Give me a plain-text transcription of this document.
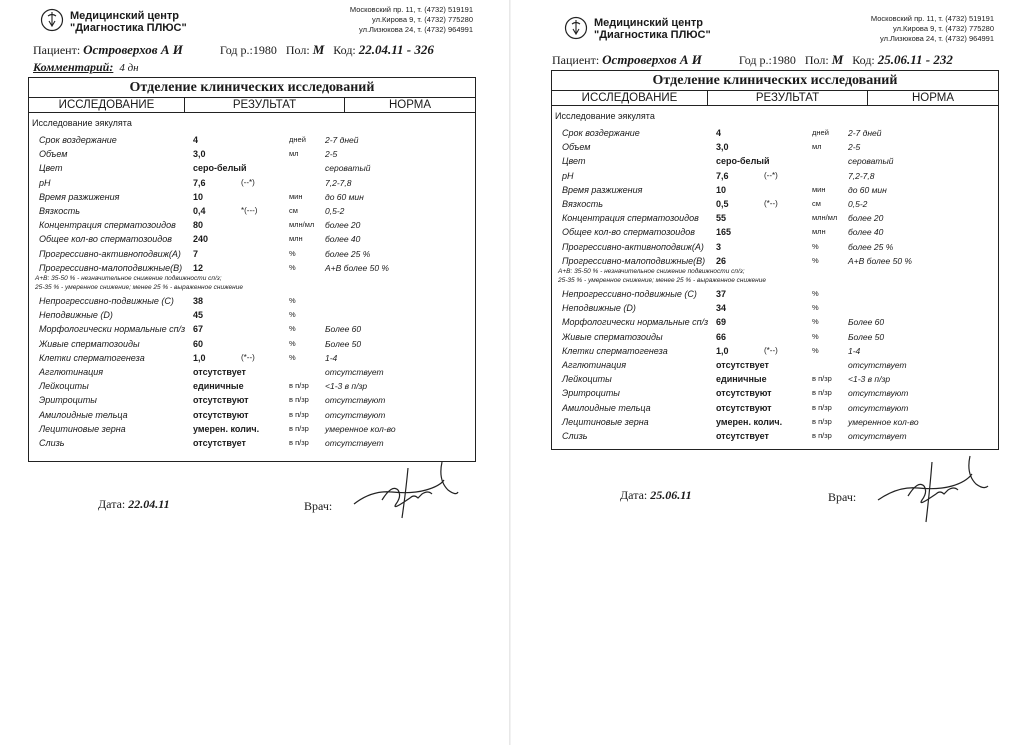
Медицинский центр
"Диагностика ПЛЮС"
Московский пр. 11, т. (4732) 519191
ул.Кирова 9, т. (4732) 775280
ул.Лизюкова 24, т. (4732) 964991
Пациент: Островерхов А И	Год р.:1980 Пол: М Код: 22.04.11 - 326
Комментарий: 4 дн
Отделение клинических исследований
ИССЛЕДОВАНИЕ	РЕЗУЛЬТАТ	НОРМА
Исследование эякулята
Срок воздержание	4	дней 2-7 дней
Объем	3,0	мл	2-5
Цвет	серо-белый	сероватый
pH	7,6	(--*)	7,2-7,8
Время разжижения	10	мин	до 60 мин
Вязкость	0,4	*(---)	см	0,5-2
Концентрация сперматозоидов 80	млн/мл более 20
Общее кол-во сперматозоидов 240	млн	более 40
Прогрессивно-активноподвиж(А) 7	%	более 25 %
Прогрессивно-малоподвижные(В) 12	%	А+В более 50 %
А+В: 35-50 % - незначительное снижение подвижности сп/з;
25-35 % - умеренное снижение; менее 25 % - выраженное снижение
Непрогрессивно-подвижные (С) 38	%
Неподвижные (D)	45	%
Морфологически нормальные сп/з 67	%	Более 60
Живые сперматозоиды	60	%	Более 50
Клетки сперматогенеза	1,0	(*--)	%	1-4
Агглютинация	отсутствует	отсутствует
Лейкоциты	единичные	в п/зр <1-3 в п/зр
Эритроциты	отсутствуют	в п/зр отсутствуют
Амилоидные тельца	отсутствуют	в п/зр отсутствуют
Лецитиновые зерна	умерен. колич.	в п/зр умеренное кол-во
Слизь	отсутствует	в п/зр отсутствует
Дата: 22.04.11	Врач:
Медицинский центр
"Диагностика ПЛЮС"
Московский пр. 11, т. (4732) 519191
ул.Кирова 9, т. (4732) 775280
ул.Лизюкова 24, т. (4732) 964991
Пациент: Островерхов А И	Год р.:1980 Пол: М Код: 25.06.11 - 232
Отделение клинических исследований
ИССЛЕДОВАНИЕ	РЕЗУЛЬТАТ	НОРМА
Исследование эякулята
Срок воздержание	4	дней 2-7 дней
Объем	3,0	мл	2-5
Цвет	серо-белый	сероватый
pH	7,6	(--*)	7,2-7,8
Время разжижения	10	мин	до 60 мин
Вязкость	0,5	(*--)	см	0,5-2
Концентрация сперматозоидов 55	млн/мл более 20
Общее кол-во сперматозоидов 165	млн	более 40
Прогрессивно-активноподвиж(А) 3	%	более 25 %
Прогрессивно-малоподвижные(В) 26	%	А+В более 50 %
А+В: 35-50 % - незначительное снижение подвижности сп/з;
25-35 % - умеренное снижение; менее 25 % - выраженное снижение
Непрогрессивно-подвижные (С) 37	%
Неподвижные (D)	34	%
Морфологически нормальные сп/з 69	%	Более 60
Живые сперматозоиды	66	%	Более 50
Клетки сперматогенеза	1,0	(*--)	%	1-4
Агглютинация	отсутствует	отсутствует
Лейкоциты	единичные	в п/зр <1-3 в п/зр
Эритроциты	отсутствуют	в п/зр отсутствуют
Амилоидные тельца	отсутствуют	в п/зр отсутствуют
Лецитиновые зерна	умерен. колич.	в п/зр умеренное кол-во
Слизь	отсутствует	в п/зр отсутствует
Дата: 25.06.11	Врач:
